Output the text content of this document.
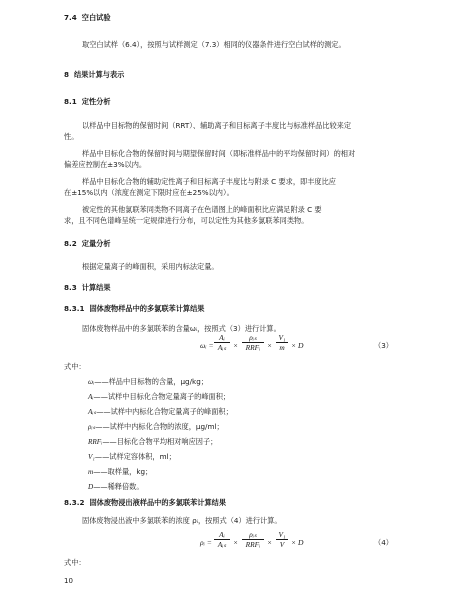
7.4 空白试验
取空白试样（6.4），按照与试样测定（7.3）相同的仪器条件进行空白试样的测定。
8 结果计算与表示
8.1 定性分析
以样品中目标物的保留时间（RRT）、辅助离子和目标离子丰度比与标准样品比较来定
性。
样品中目标化合物的保留时间与期望保留时间（即标准样品中的平均保留时间）的相对
偏差应控制在±3%以内。
样品中目标化合物的辅助定性离子和目标离子丰度比与附录 C 要求，即丰度比应
在±15%以内（浓度在测定下限时应在±25%以内）。
被定性的其他氯联苯同类物不同离子在色谱图上的峰面积比应满足附录 C 要
求，且不同色谱峰呈统一定规律进行分布，可以定性为其他多氯联苯同类物。
8.2 定量分析
根据定量离子的峰面积，采用内标法定量。
8.3 计算结果
8.3.1 固体废物样品中的多氯联苯计算结果
固体废物样品中的多氯联苯的含量ωᵢ，按照式（3）进行计算。
ωᵢ =
Aᵢ
Aᵢₛ ×
ρᵢₛ
RRFᵢ × $\frac{\text{V₁}}{m} \times D$	（3）
式中：
ωᵢ——样品中目标物的含量，μg/kg；
Aᵢ——试样中目标化合物定量离子的峰面积；
Aᵢₛ——试样中内标化合物定量离子的峰面积；
ρᵢₛ——试样中内标化合物的浓度，μg/ml；
RRFᵢ——目标化合物平均相对响应因子；
V₁——试样定容体积，ml；
m——取样量，kg；
D——稀释倍数。
8.3.2 固体废物浸出液样品中的多氯联苯计算结果
固体废物浸出液中多氯联苯的浓度 ρᵢ，按照式（4）进行计算。
ρᵢ =
Aᵢ
Aᵢₛ ×
ρᵢₛ
RRFᵢ × $\frac{\text{V₁}}{V} \times D$	（4）
式中：
10
